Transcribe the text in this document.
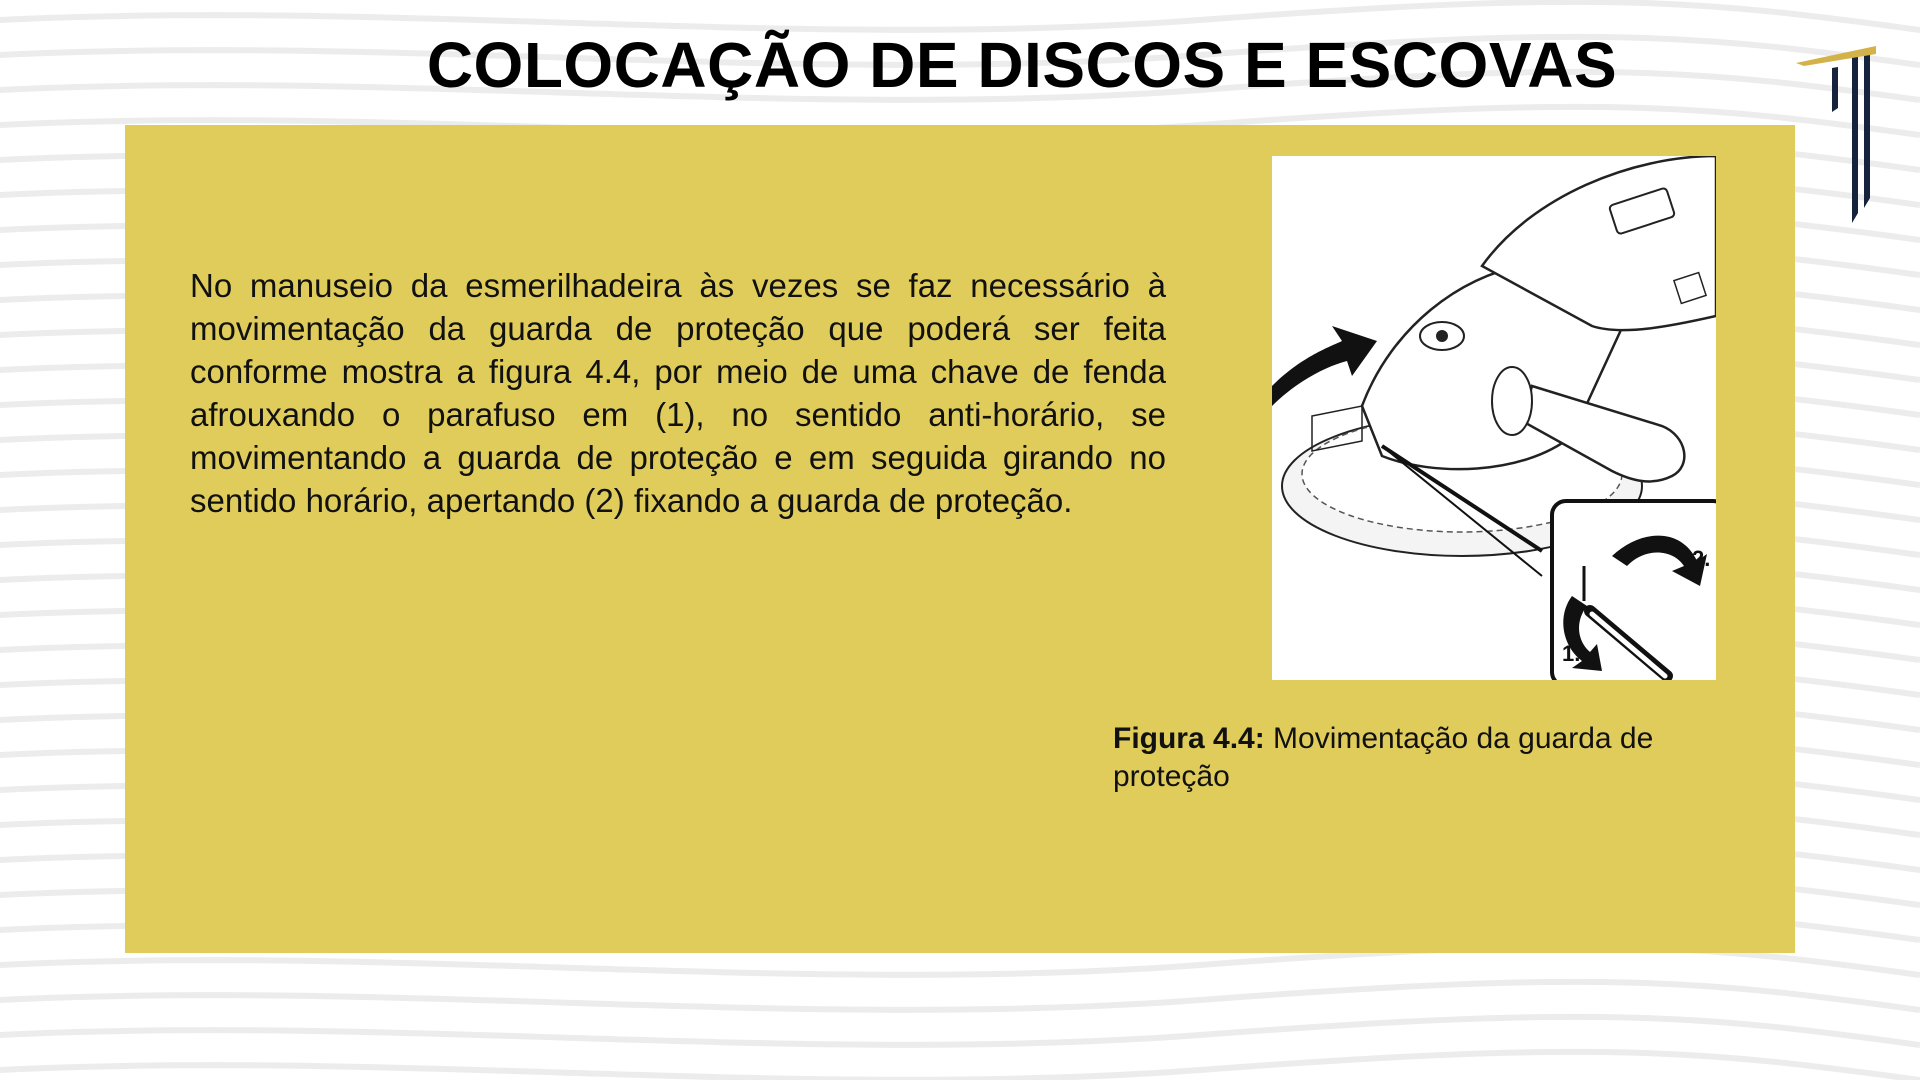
COLOCAÇÃO DE DISCOS E ESCOVAS
No manuseio da esmerilhadeira às vezes se faz necessário à movimentação da guarda de proteção que poderá ser feita conforme mostra a figura 4.4, por meio de uma chave de fenda afrouxando o parafuso em (1), no sentido anti-horário, se movimentando a guarda de proteção e em seguida girando no sentido horário, apertando (2) fixando a guarda de proteção.
2.
1.
Figura 4.4: Movimentação da guarda de proteção
